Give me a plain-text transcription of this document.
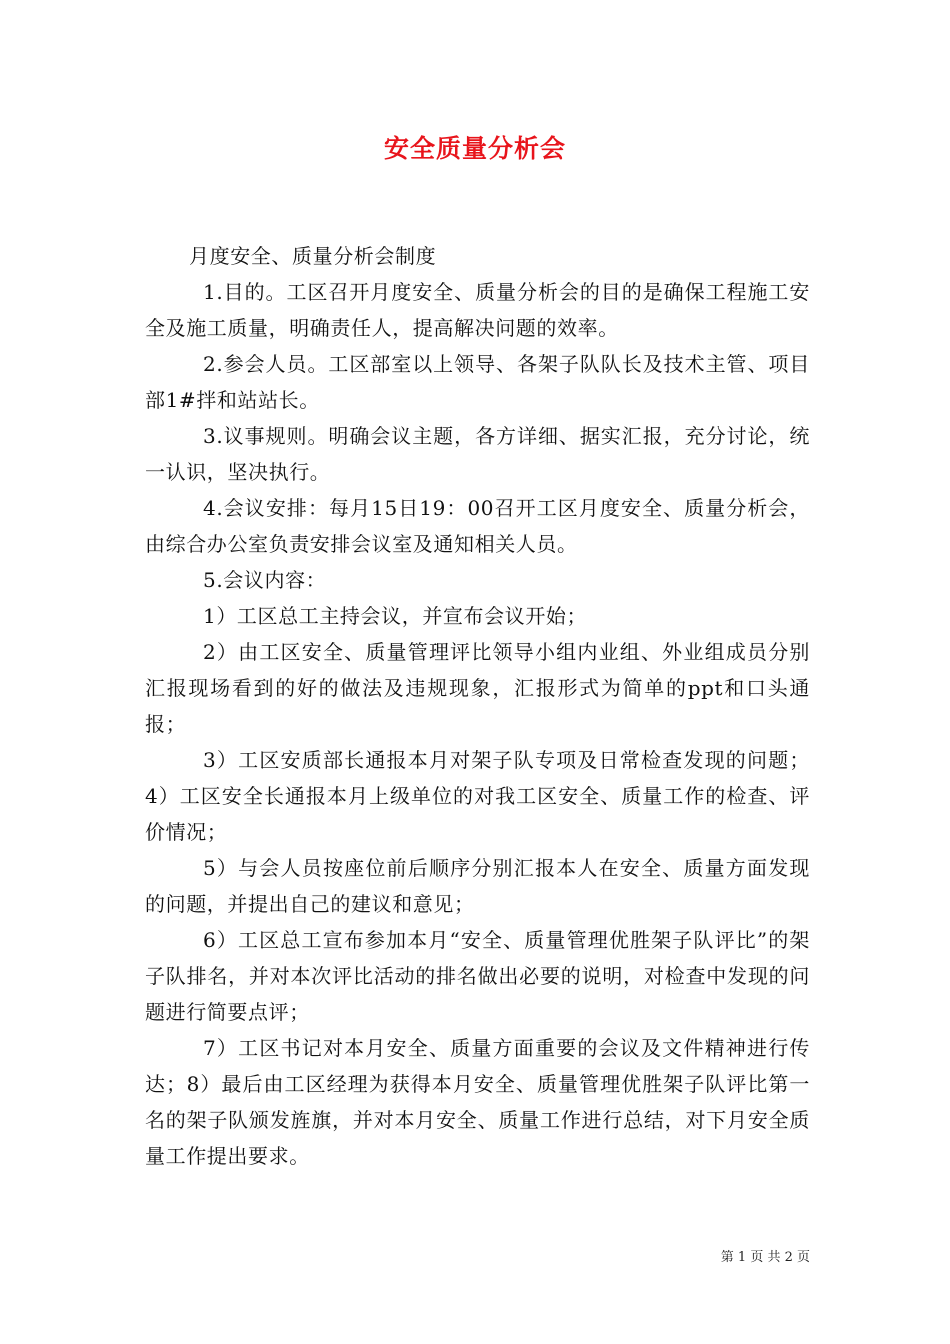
安全质量分析会

月度安全、质量分析会制度

1.目的。工区召开月度安全、质量分析会的目的是确保工程施工安全及施工质量，明确责任人，提高解决问题的效率。

2.参会人员。工区部室以上领导、各架子队队长及技术主管、项目部1#拌和站站长。

3.议事规则。明确会议主题，各方详细、据实汇报，充分讨论，统一认识，坚决执行。

4.会议安排：每月15日19：00召开工区月度安全、质量分析会，由综合办公室负责安排会议室及通知相关人员。

5.会议内容：

1）工区总工主持会议，并宣布会议开始；

2）由工区安全、质量管理评比领导小组内业组、外业组成员分别汇报现场看到的好的做法及违规现象，汇报形式为简单的ppt和口头通报；

3）工区安质部长通报本月对架子队专项及日常检查发现的问题；4）工区安全长通报本月上级单位的对我工区安全、质量工作的检查、评价情况；

5）与会人员按座位前后顺序分别汇报本人在安全、质量方面发现的问题，并提出自己的建议和意见；

6）工区总工宣布参加本月“安全、质量管理优胜架子队评比”的架子队排名，并对本次评比活动的排名做出必要的说明，对检查中发现的问题进行简要点评；

7）工区书记对本月安全、质量方面重要的会议及文件精神进行传达；8）最后由工区经理为获得本月安全、质量管理优胜架子队评比第一名的架子队颁发旌旗，并对本月安全、质量工作进行总结，对下月安全质量工作提出要求。

第 1 页 共 2 页
